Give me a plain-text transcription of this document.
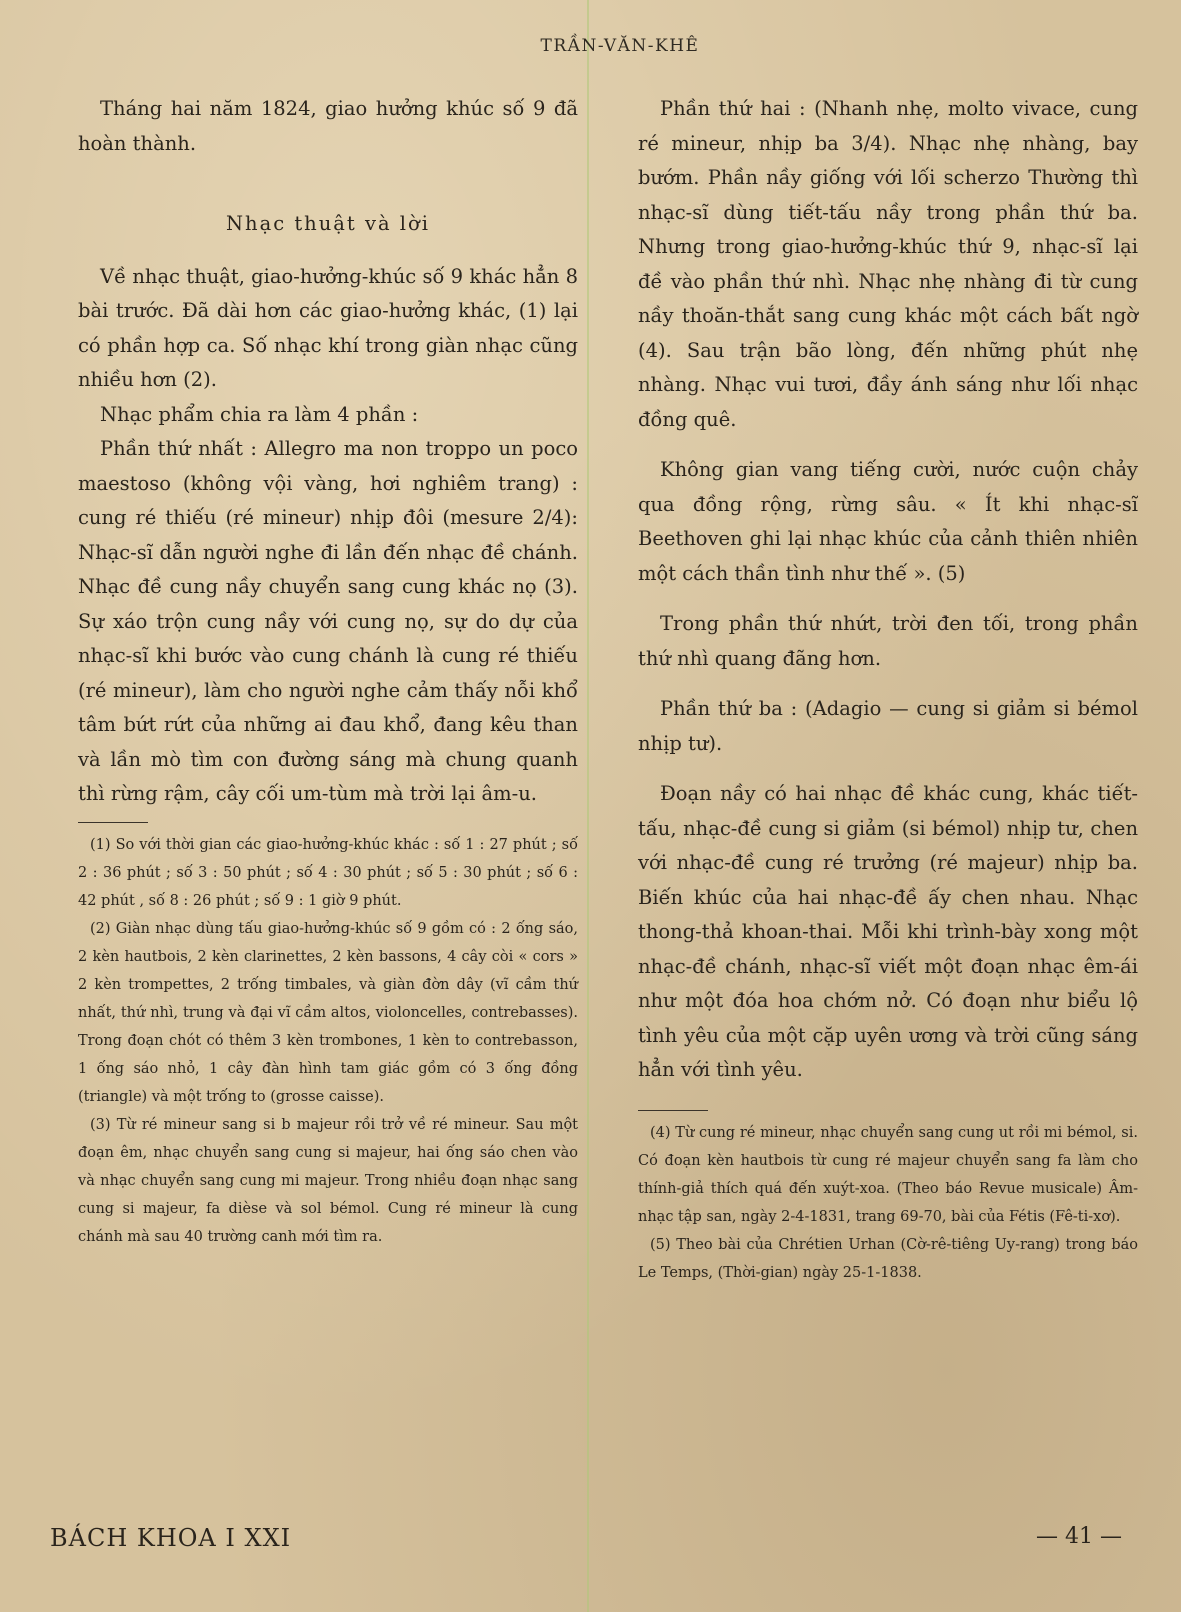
TRẦN-VĂN-KHÊ

Tháng hai năm 1824, giao hưởng khúc số 9 đã hoàn thành.

Nhạc thuật và lời

Về nhạc thuật, giao-hưởng-khúc số 9 khác hẳn 8 bài trước. Đã dài hơn các giao-hưởng khác, (1) lại có phần hợp ca. Số nhạc khí trong giàn nhạc cũng nhiều hơn (2).

Nhạc phẩm chia ra làm 4 phần :

Phần thứ nhất : Allegro ma non troppo un poco maestoso (không vội vàng, hơi nghiêm trang) : cung ré thiếu (ré mineur) nhịp đôi (mesure 2/4): Nhạc-sĩ dẫn người nghe đi lần đến nhạc đề chánh. Nhạc đề cung nầy chuyển sang cung khác nọ (3). Sự xáo trộn cung nầy với cung nọ, sự do dự của nhạc-sĩ khi bước vào cung chánh là cung ré thiếu (ré mineur), làm cho người nghe cảm thấy nỗi khổ tâm bứt rứt của những ai đau khổ, đang kêu than và lần mò tìm con đường sáng mà chung quanh thì rừng rậm, cây cối um-tùm mà trời lại âm-u.

(1) So với thời gian các giao-hưởng-khúc khác : số 1 : 27 phút ; số 2 : 36 phút ; số 3 : 50 phút ; số 4 : 30 phút ; số 5 : 30 phút ; số 6 : 42 phút , số 8 : 26 phút ; số 9 : 1 giờ 9 phút.

(2) Giàn nhạc dùng tấu giao-hưởng-khúc số 9 gồm có : 2 ống sáo, 2 kèn hautbois, 2 kèn clarinettes, 2 kèn bassons, 4 cây còi « cors » 2 kèn trompettes, 2 trống timbales, và giàn đờn dây (vĩ cầm thứ nhất, thứ nhì, trung và đại vĩ cầm altos, violoncelles, contrebasses). Trong đoạn chót có thêm 3 kèn trombones, 1 kèn to contrebasson, 1 ống sáo nhỏ, 1 cây đàn hình tam giác gồm có 3 ống đồng (triangle) và một trống to (grosse caisse).

(3) Từ ré mineur sang si b majeur rồi trở về ré mineur. Sau một đoạn êm, nhạc chuyển sang cung si majeur, hai ống sáo chen vào và nhạc chuyển sang cung mi majeur. Trong nhiều đoạn nhạc sang cung si majeur, fa dièse và sol bémol. Cung ré mineur là cung chánh mà sau 40 trường canh mới tìm ra.

Phần thứ hai : (Nhanh nhẹ, molto vivace, cung ré mineur, nhịp ba 3/4). Nhạc nhẹ nhàng, bay bướm. Phần nầy giống với lối scherzo Thường thì nhạc-sĩ dùng tiết-tấu nầy trong phần thứ ba. Nhưng trong giao-hưởng-khúc thứ 9, nhạc-sĩ lại đề vào phần thứ nhì. Nhạc nhẹ nhàng đi từ cung nầy thoăn-thắt sang cung khác một cách bất ngờ (4). Sau trận bão lòng, đến những phút nhẹ nhàng. Nhạc vui tươi, đầy ánh sáng như lối nhạc đồng quê.

Không gian vang tiếng cười, nước cuộn chảy qua đồng rộng, rừng sâu. « Ít khi nhạc-sĩ Beethoven ghi lại nhạc khúc của cảnh thiên nhiên một cách thần tình như thế ». (5)

Trong phần thứ nhứt, trời đen tối, trong phần thứ nhì quang đãng hơn.

Phần thứ ba : (Adagio — cung si giảm si bémol nhịp tư).

Đoạn nầy có hai nhạc đề khác cung, khác tiết-tấu, nhạc-đề cung si giảm (si bémol) nhịp tư, chen với nhạc-đề cung ré trưởng (ré majeur) nhịp ba. Biến khúc của hai nhạc-đề ấy chen nhau. Nhạc thong-thả khoan-thai. Mỗi khi trình-bày xong một nhạc-đề chánh, nhạc-sĩ viết một đoạn nhạc êm-ái như một đóa hoa chớm nở. Có đoạn như biểu lộ tình yêu của một cặp uyên ương và trời cũng sáng hẳn với tình yêu.

(4) Từ cung ré mineur, nhạc chuyển sang cung ut rồi mi bémol, si. Có đoạn kèn hautbois từ cung ré majeur chuyển sang fa làm cho thính-giả thích quá đến xuýt-xoa. (Theo báo Revue musicale) Âm-nhạc tập san, ngày 2-4-1831, trang 69-70, bài của Fétis (Fê-ti-xơ).

(5) Theo bài của Chrétien Urhan (Cờ-rê-tiêng Uy-rang) trong báo Le Temps, (Thời-gian) ngày 25-1-1838.

BÁCH KHOA I XXI	— 41 —
